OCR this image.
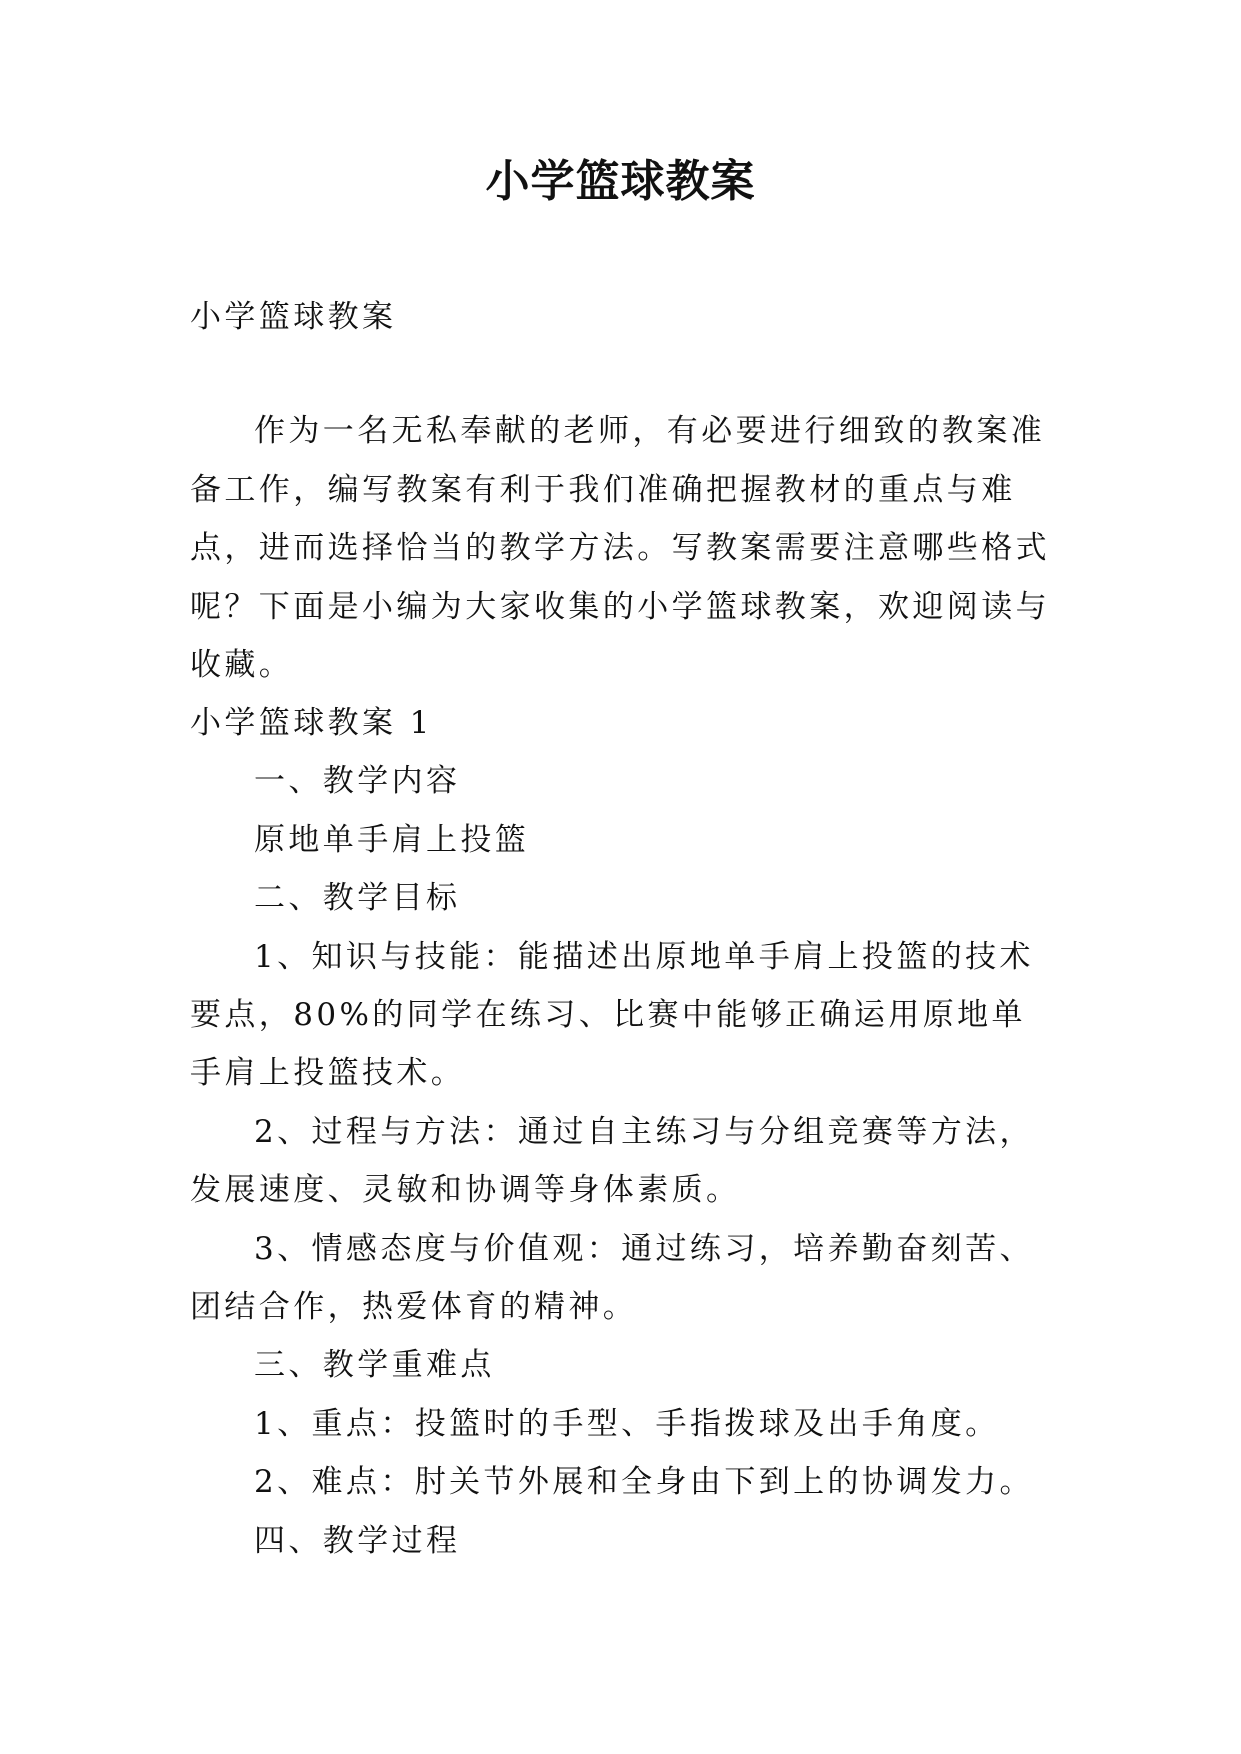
小学篮球教案

小学篮球教案

作为一名无私奉献的老师，有必要进行细致的教案准备工作，编写教案有利于我们准确把握教材的重点与难点，进而选择恰当的教学方法。写教案需要注意哪些格式呢？下面是小编为大家收集的小学篮球教案，欢迎阅读与收藏。

小学篮球教案 1

一、教学内容

原地单手肩上投篮

二、教学目标

1、知识与技能：能描述出原地单手肩上投篮的技术要点，80%的同学在练习、比赛中能够正确运用原地单手肩上投篮技术。

2、过程与方法：通过自主练习与分组竞赛等方法，发展速度、灵敏和协调等身体素质。

3、情感态度与价值观：通过练习，培养勤奋刻苦、团结合作，热爱体育的精神。

三、教学重难点

1、重点：投篮时的手型、手指拨球及出手角度。

2、难点：肘关节外展和全身由下到上的协调发力。

四、教学过程
